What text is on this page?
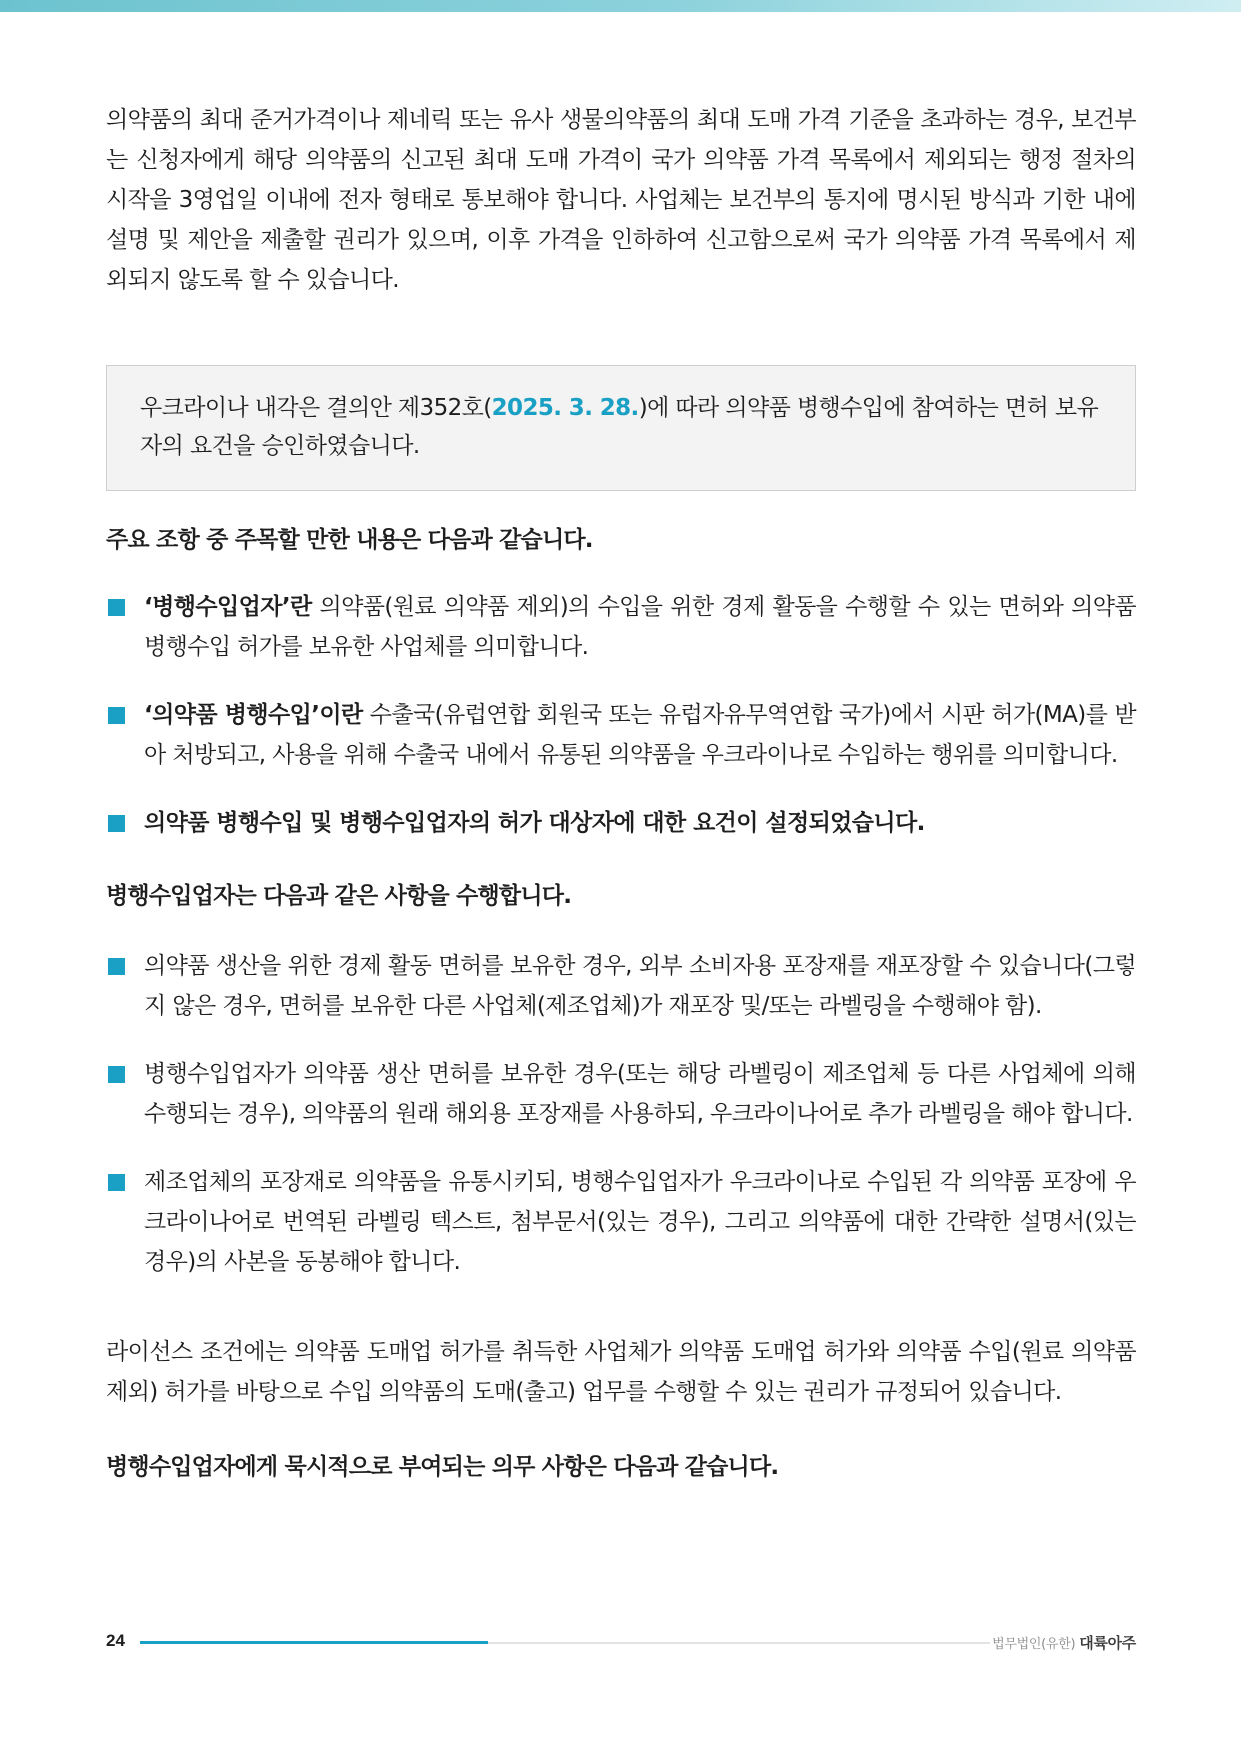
의약품의 최대 준거가격이나 제네릭 또는 유사 생물의약품의 최대 도매 가격 기준을 초과하는 경우, 보건부는 신청자에게 해당 의약품의 신고된 최대 도매 가격이 국가 의약품 가격 목록에서 제외되는 행정 절차의 시작을 3영업일 이내에 전자 형태로 통보해야 합니다. 사업체는 보건부의 통지에 명시된 방식과 기한 내에 설명 및 제안을 제출할 권리가 있으며, 이후 가격을 인하하여 신고함으로써 국가 의약품 가격 목록에서 제외되지 않도록 할 수 있습니다.

우크라이나 내각은 결의안 제352호(2025. 3. 28.)에 따라 의약품 병행수입에 참여하는 면허 보유자의 요건을 승인하였습니다.
주요 조항 중 주목할 만한 내용은 다음과 같습니다.
‘병행수입업자’란 의약품(원료 의약품 제외)의 수입을 위한 경제 활동을 수행할 수 있는 면허와 의약품 병행수입 허가를 보유한 사업체를 의미합니다.
‘의약품 병행수입’이란 수출국(유럽연합 회원국 또는 유럽자유무역연합 국가)에서 시판 허가(MA)를 받아 처방되고, 사용을 위해 수출국 내에서 유통된 의약품을 우크라이나로 수입하는 행위를 의미합니다.
의약품 병행수입 및 병행수입업자의 허가 대상자에 대한 요건이 설정되었습니다.
병행수입업자는 다음과 같은 사항을 수행합니다.
의약품 생산을 위한 경제 활동 면허를 보유한 경우, 외부 소비자용 포장재를 재포장할 수 있습니다(그렇지 않은 경우, 면허를 보유한 다른 사업체(제조업체)가 재포장 및/또는 라벨링을 수행해야 함).
병행수입업자가 의약품 생산 면허를 보유한 경우(또는 해당 라벨링이 제조업체 등 다른 사업체에 의해 수행되는 경우), 의약품의 원래 해외용 포장재를 사용하되, 우크라이나어로 추가 라벨링을 해야 합니다.
제조업체의 포장재로 의약품을 유통시키되, 병행수입업자가 우크라이나로 수입된 각 의약품 포장에 우크라이나어로 번역된 라벨링 텍스트, 첨부문서(있는 경우), 그리고 의약품에 대한 간략한 설명서(있는 경우)의 사본을 동봉해야 합니다.

라이선스 조건에는 의약품 도매업 허가를 취득한 사업체가 의약품 도매업 허가와 의약품 수입(원료 의약품 제외) 허가를 바탕으로 수입 의약품의 도매(출고) 업무를 수행할 수 있는 권리가 규정되어 있습니다.

병행수입업자에게 묵시적으로 부여되는 의무 사항은 다음과 같습니다.
24	법무법인(유한) 대륙아주
